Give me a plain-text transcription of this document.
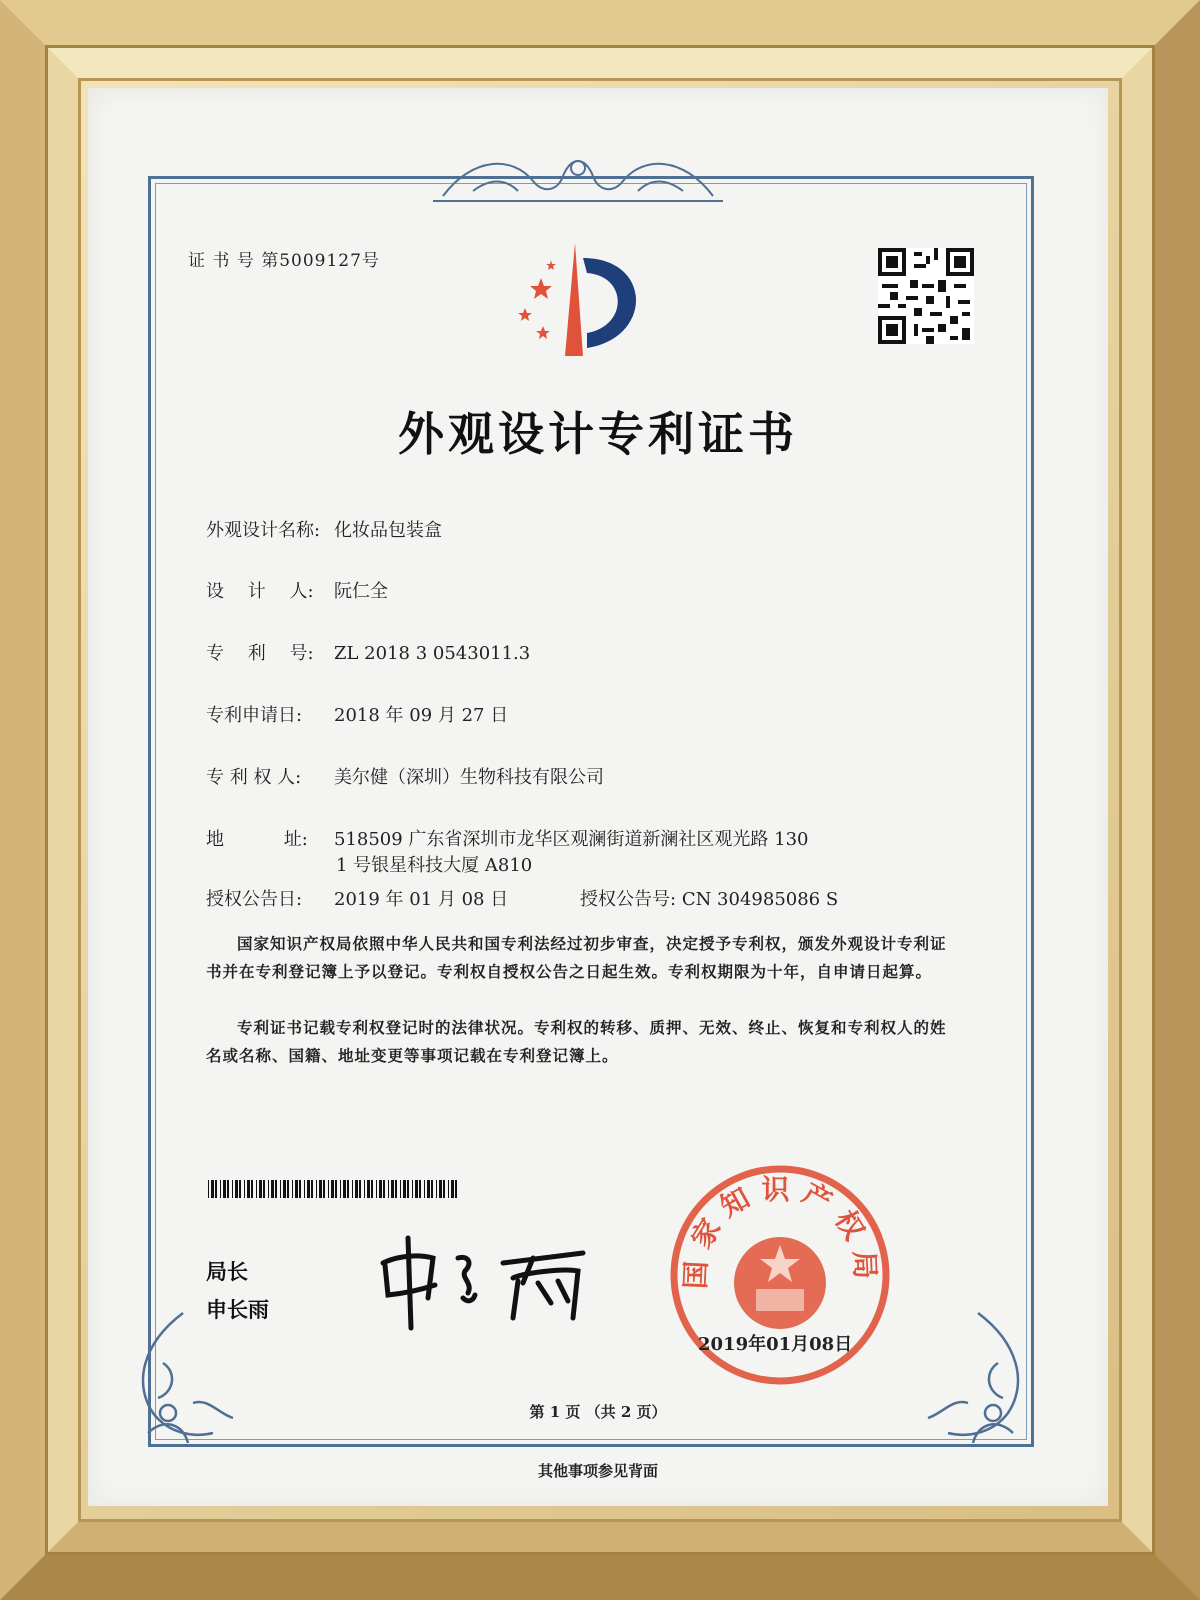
证 书 号 第5009127号
外观设计专利证书
外观设计名称: 化妆品包装盒
设　 计　 人: 阮仁全
专　 利　 号: ZL 2018 3 0543011.3
专利申请日: 2018 年 09 月 27 日
专 利 权 人: 美尔健（深圳）生物科技有限公司
地　　　 址: 518509 广东省深圳市龙华区观澜街道新澜社区观光路 130
1 号银星科技大厦 A810
授权公告日: 2019 年 01 月 08 日	授权公告号: CN 304985086 S
国家知识产权局依照中华人民共和国专利法经过初步审查，决定授予专利权，颁发外观设计专利证书并在专利登记簿上予以登记。专利权自授权公告之日起生效。专利权期限为十年，自申请日起算。
专利证书记载专利权登记时的法律状况。专利权的转移、质押、无效、终止、恢复和专利权人的姓名或名称、国籍、地址变更等事项记载在专利登记簿上。
局长
申长雨
国家知识产权局
2019年01月08日
第 1 页 （共 2 页）
其他事项参见背面
